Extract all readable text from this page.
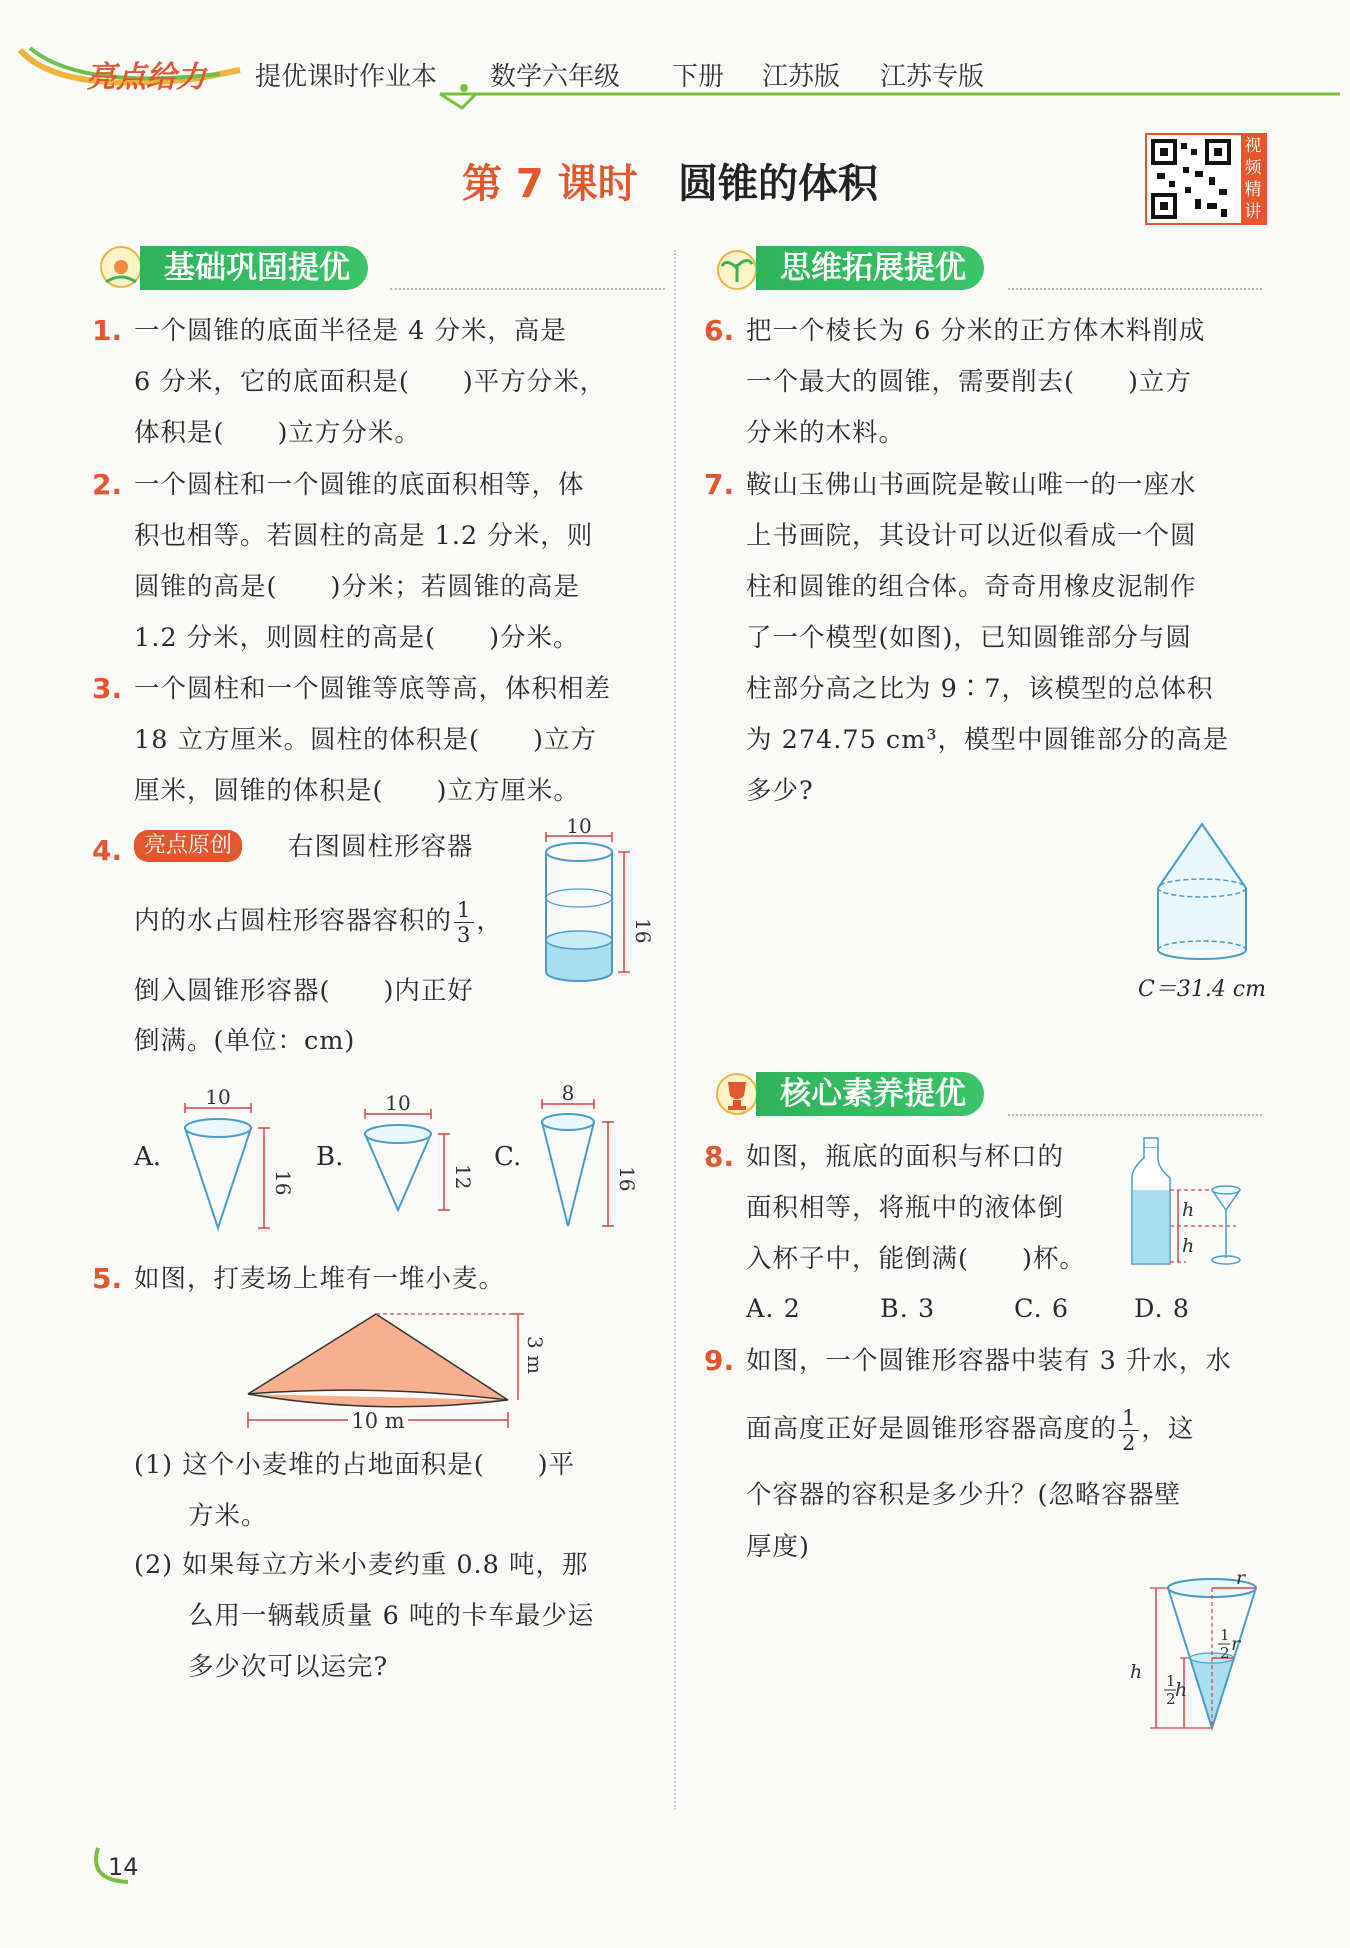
亮点给力 提优课时作业本 数学六年级 下册 江苏版 江苏专版
第 7 课时 圆锥的体积
视
频
精
讲
基础巩固提优	思维拓展提优
1. 一个圆锥的底面半径是 4 分米，高是
6 分米，它的底面积是(　　)平方分米，
体积是(　　)立方分米。
2. 一个圆柱和一个圆锥的底面积相等，体
积也相等。若圆柱的高是 1.2 分米，则
圆锥的高是(　　)分米；若圆锥的高是
1.2 分米，则圆柱的高是(　　)分米。
3. 一个圆柱和一个圆锥等底等高，体积相差
18 立方厘米。圆柱的体积是(　　)立方
厘米，圆锥的体积是(　　)立方厘米。
4. 亮点原创	右图圆柱形容器
内的水占圆柱形容器容积的 $\frac{1}{3}$ ，
倒入圆锥形容器(　　)内正好
倒满。(单位：cm)
10
16
A.
10
16
B.
10
12
C.
8
16
5. 如图，打麦场上堆有一堆小麦。
3 m
10 m
(1) 这个小麦堆的占地面积是(　　)平
方米。
(2) 如果每立方米小麦约重 0.8 吨，那
么用一辆载质量 6 吨的卡车最少运
多少次可以运完?
6. 把一个棱长为 6 分米的正方体木料削成
一个最大的圆锥，需要削去(　　)立方
分米的木料。
7. 鞍山玉佛山书画院是鞍山唯一的一座水
上书画院，其设计可以近似看成一个圆
柱和圆锥的组合体。奇奇用橡皮泥制作
了一个模型(如图)，已知圆锥部分与圆
柱部分高之比为 9∶7，该模型的总体积
为 274.75 cm³，模型中圆锥部分的高是
多少?
C＝31.4 cm
核心素养提优
8. 如图，瓶底的面积与杯口的
面积相等，将瓶中的液体倒
入杯子中，能倒满(　　)杯。
h
h
A. 2	B. 3	C. 6	D. 8
9. 如图，一个圆锥形容器中装有 3 升水，水
面高度正好是圆锥形容器高度的 $\frac{1}{2}$ ，这
个容器的容积是多少升？(忽略容器壁
厚度)
r
1
2 r
h 1
2 h
14
